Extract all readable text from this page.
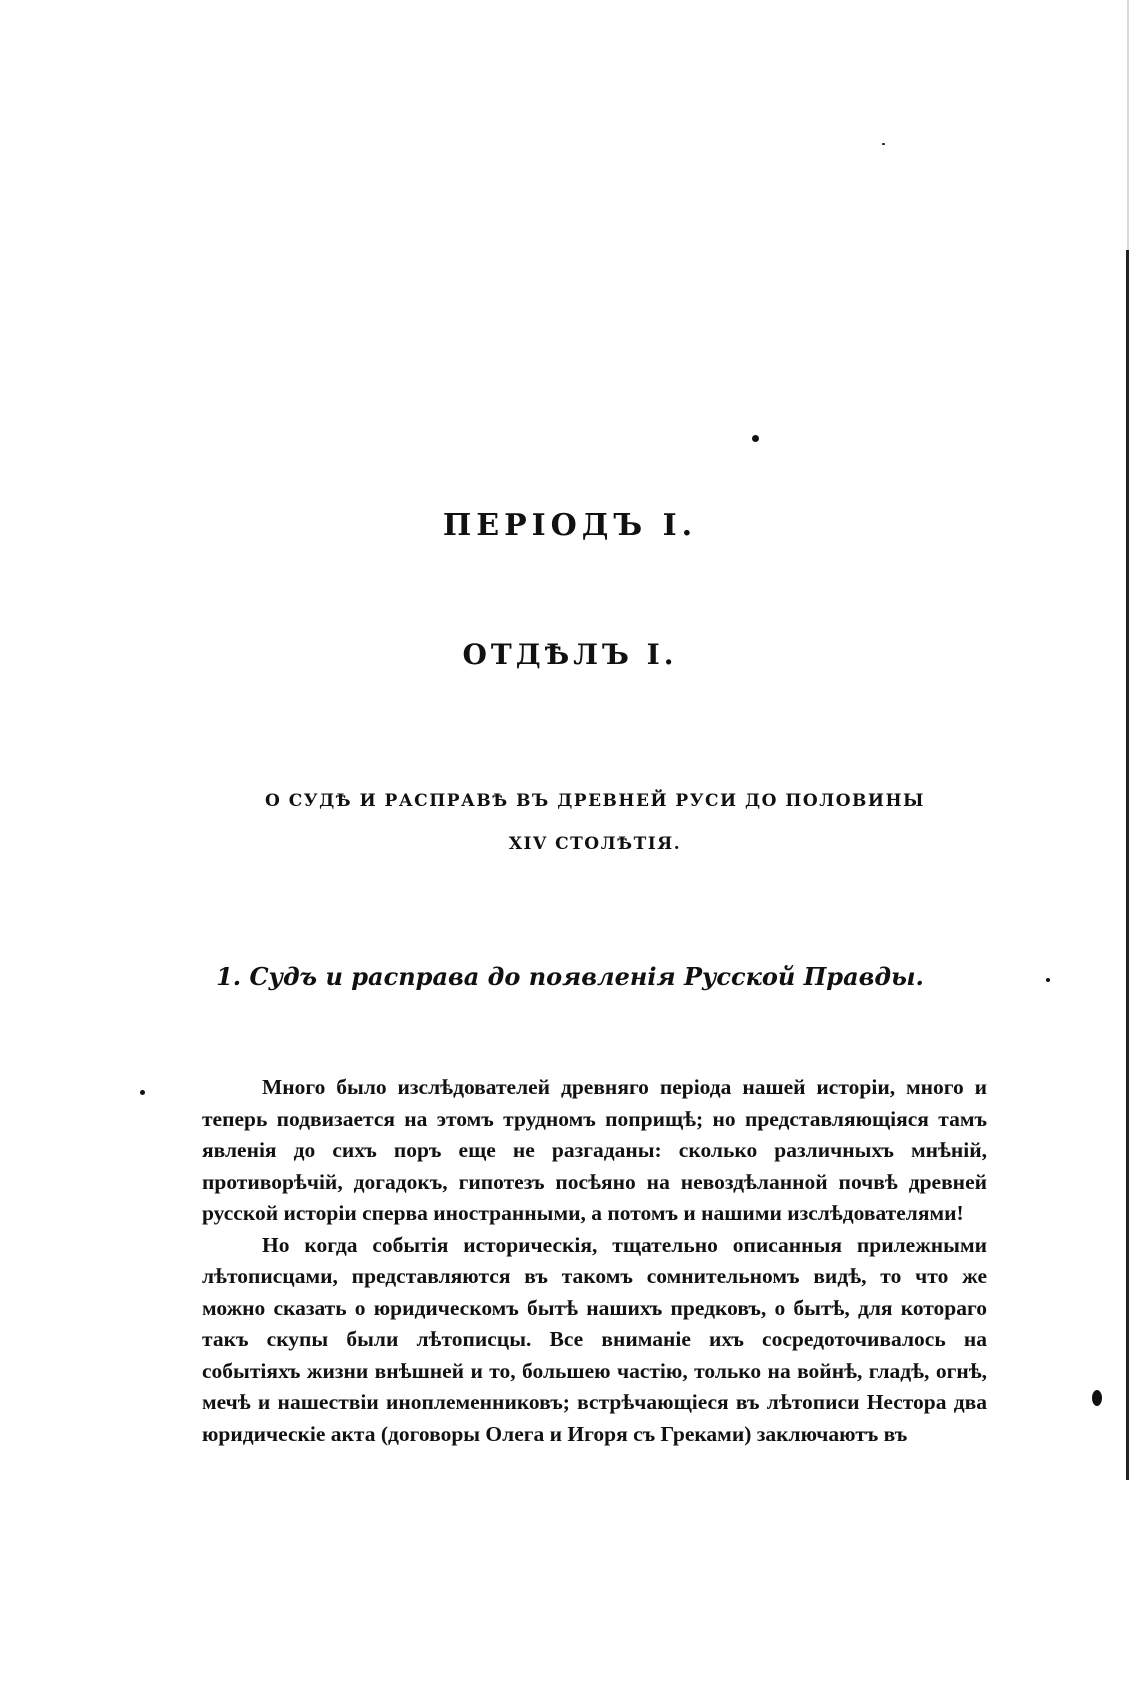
ПЕРІОДЪ I.
ОТДѢЛЪ I.
О СУДѢ И РАСПРАВѢ ВЪ ДРЕВНЕЙ РУСИ ДО ПОЛОВИНЫ XIV СТОЛѢТІЯ.
1. Судъ и расправа до появленія Русской Правды.

Много было изслѣдователей древняго періода нашей исторіи, много и теперь подвизается на этомъ трудномъ поприщѣ; но представляющіяся тамъ явленія до сихъ поръ еще не разгаданы: сколько различныхъ мнѣній, противорѣчій, догадокъ, гипотезъ посѣяно на невоздѣланной почвѣ древней русской исторіи сперва иностранными, а потомъ и нашими изслѣдователями!

Но когда событія историческія, тщательно описанныя прилежными лѣтописцами, представляются въ такомъ сомнительномъ видѣ, то что же можно сказать о юридическомъ бытѣ нашихъ предковъ, о бытѣ, для котораго такъ скупы были лѣтописцы. Все вниманіе ихъ сосредоточивалось на событіяхъ жизни внѣшней и то, большею частію, только на войнѣ, гладѣ, огнѣ, мечѣ и нашествіи иноплеменниковъ; встрѣчающіеся въ лѣтописи Нестора два юридическіе акта (договоры Олега и Игоря съ Греками) заключаютъ въ
